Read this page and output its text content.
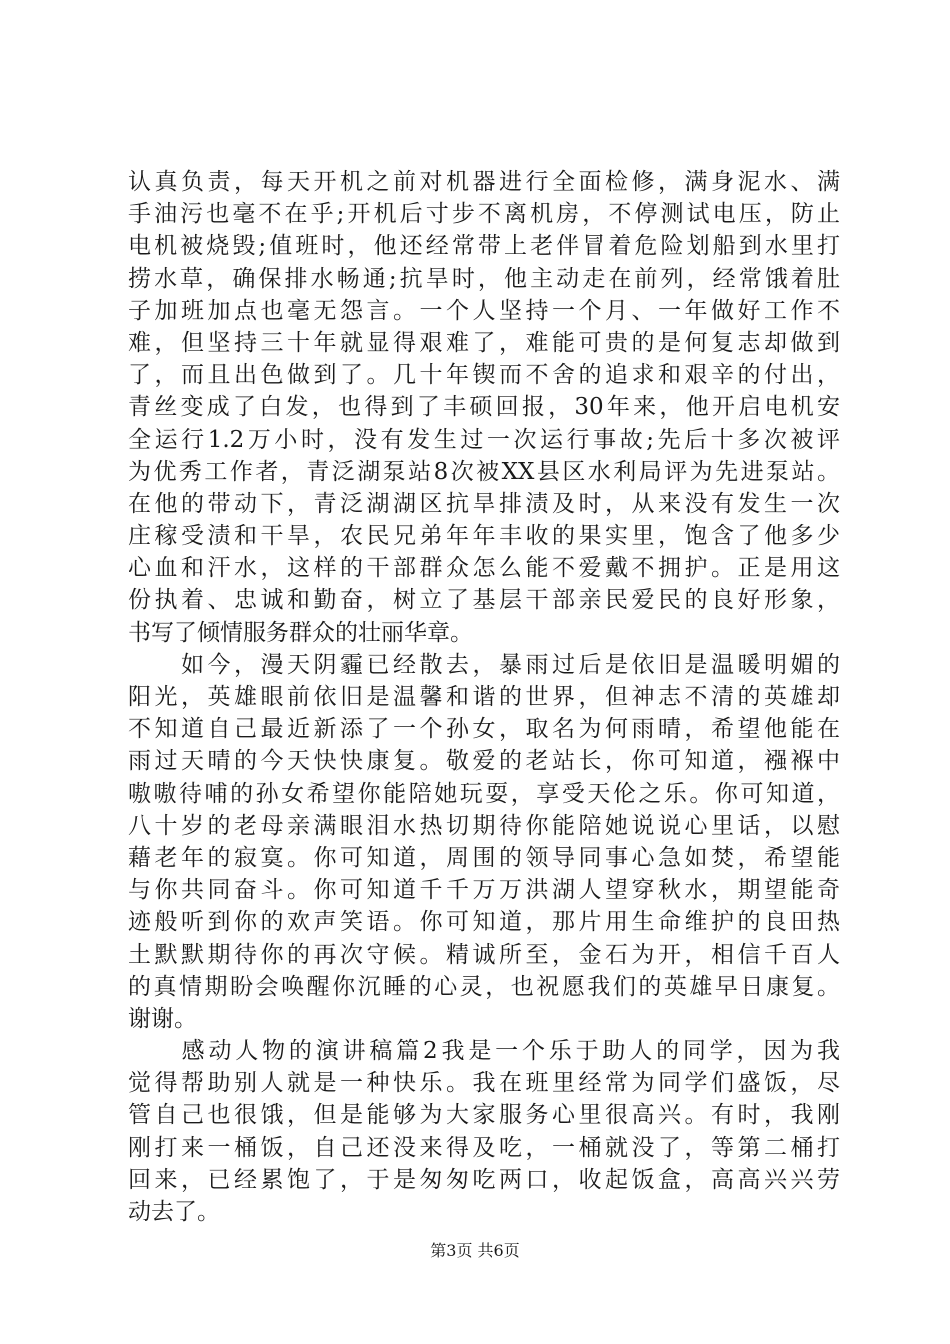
认真负责，每天开机之前对机器进行全面检修，满身泥水、满
手油污也毫不在乎;开机后寸步不离机房，不停测试电压，防止
电机被烧毁;值班时，他还经常带上老伴冒着危险划船到水里打
捞水草，确保排水畅通;抗旱时，他主动走在前列，经常饿着肚
子加班加点也毫无怨言。一个人坚持一个月、一年做好工作不
难，但坚持三十年就显得艰难了，难能可贵的是何复志却做到
了，而且出色做到了。几十年锲而不舍的追求和艰辛的付出，
青丝变成了白发，也得到了丰硕回报，30年来，他开启电机安
全运行1.2万小时，没有发生过一次运行事故;先后十多次被评
为优秀工作者，青泛湖泵站8次被XX县区水利局评为先进泵站。
在他的带动下，青泛湖湖区抗旱排渍及时，从来没有发生一次
庄稼受渍和干旱，农民兄弟年年丰收的果实里，饱含了他多少
心血和汗水，这样的干部群众怎么能不爱戴不拥护。正是用这
份执着、忠诚和勤奋，树立了基层干部亲民爱民的良好形象，
书写了倾情服务群众的壮丽华章。
　　如今，漫天阴霾已经散去，暴雨过后是依旧是温暖明媚的
阳光，英雄眼前依旧是温馨和谐的世界，但神志不清的英雄却
不知道自己最近新添了一个孙女，取名为何雨晴，希望他能在
雨过天晴的今天快快康复。敬爱的老站长，你可知道，襁褓中
嗷嗷待哺的孙女希望你能陪她玩耍，享受天伦之乐。你可知道，
八十岁的老母亲满眼泪水热切期待你能陪她说说心里话，以慰
藉老年的寂寞。你可知道，周围的领导同事心急如焚，希望能
与你共同奋斗。你可知道千千万万洪湖人望穿秋水，期望能奇
迹般听到你的欢声笑语。你可知道，那片用生命维护的良田热
土默默期待你的再次守候。精诚所至，金石为开，相信千百人
的真情期盼会唤醒你沉睡的心灵，也祝愿我们的英雄早日康复。
谢谢。
　　感动人物的演讲稿篇2我是一个乐于助人的同学，因为我
觉得帮助别人就是一种快乐。我在班里经常为同学们盛饭，尽
管自己也很饿，但是能够为大家服务心里很高兴。有时，我刚
刚打来一桶饭，自己还没来得及吃，一桶就没了，等第二桶打
回来，已经累饱了，于是匆匆吃两口，收起饭盒，高高兴兴劳
动去了。
第3页 共6页
